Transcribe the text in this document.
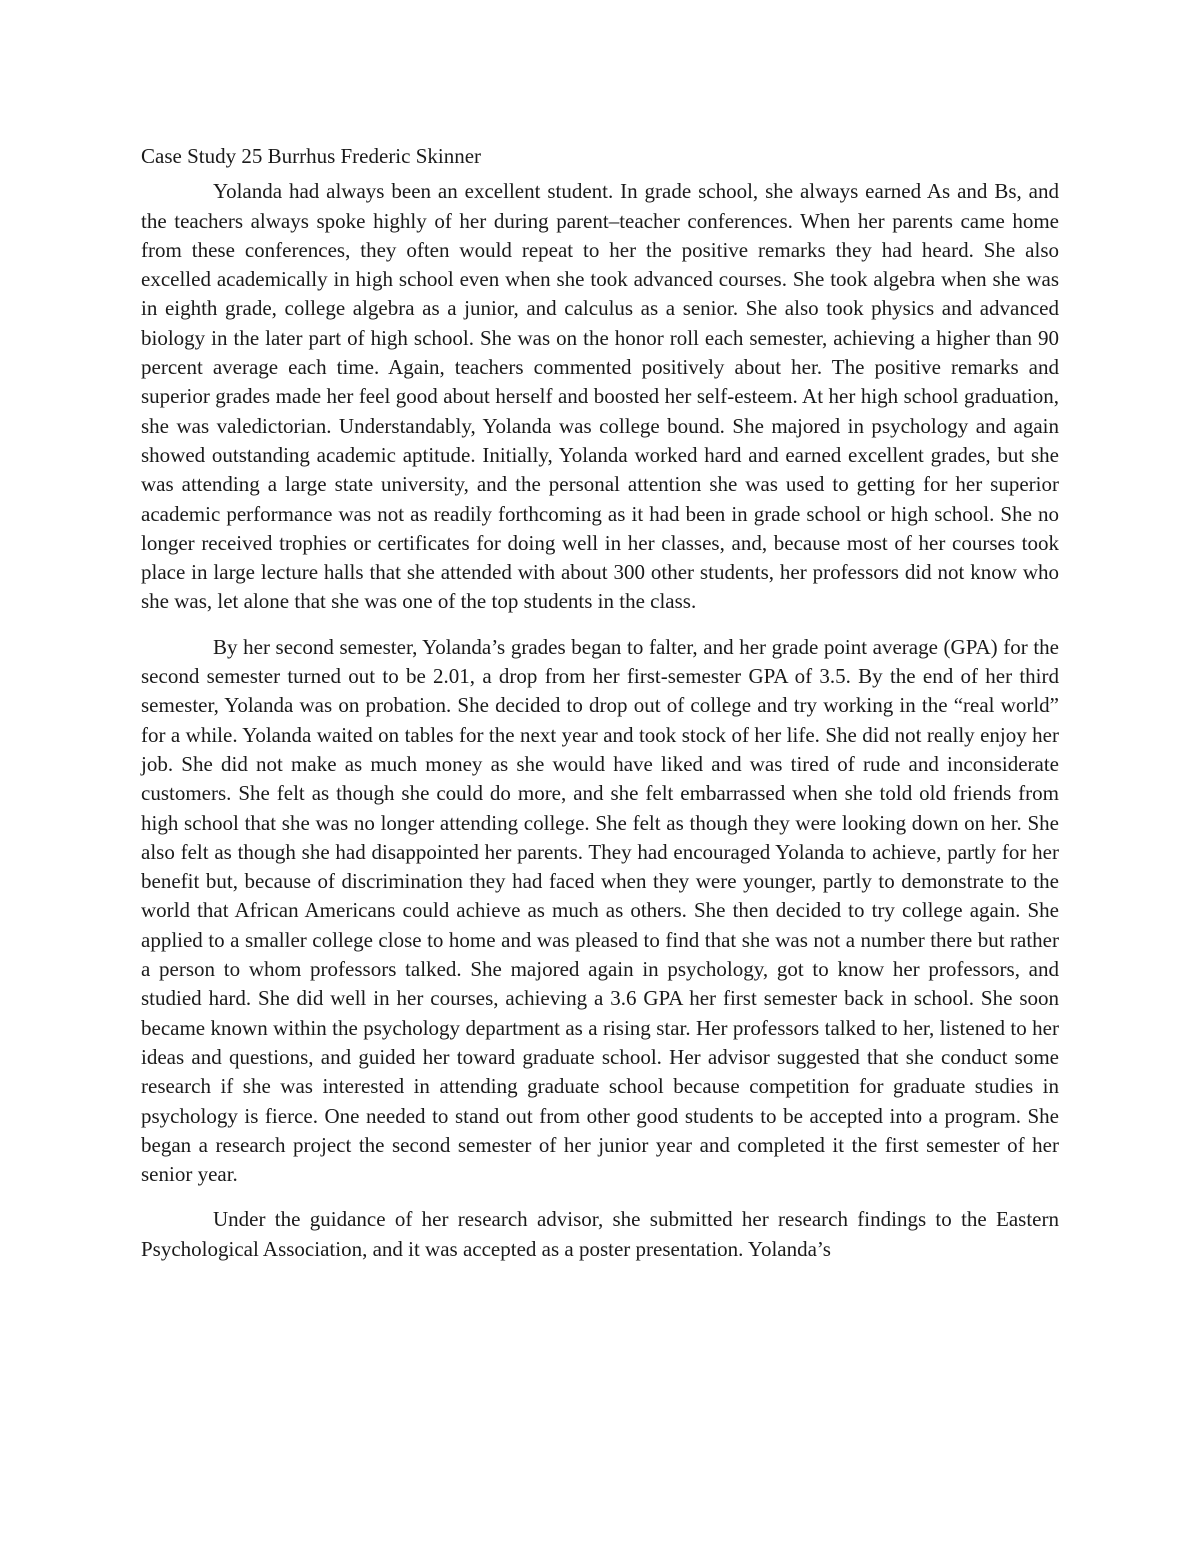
Case Study 25 Burrhus Frederic Skinner

Yolanda had always been an excellent student. In grade school, she always earned As and Bs, and the teachers always spoke highly of her during parent–teacher conferences. When her parents came home from these conferences, they often would repeat to her the positive remarks they had heard. She also excelled academically in high school even when she took advanced courses. She took algebra when she was in eighth grade, college algebra as a junior, and calculus as a senior. She also took physics and advanced biology in the later part of high school. She was on the honor roll each semester, achieving a higher than 90 percent average each time. Again, teachers commented positively about her. The positive remarks and superior grades made her feel good about herself and boosted her self-esteem. At her high school graduation, she was valedictorian. Understandably, Yolanda was college bound. She majored in psychology and again showed outstanding academic aptitude. Initially, Yolanda worked hard and earned excellent grades, but she was attending a large state university, and the personal attention she was used to getting for her superior academic performance was not as readily forthcoming as it had been in grade school or high school. She no longer received trophies or certificates for doing well in her classes, and, because most of her courses took place in large lecture halls that she attended with about 300 other students, her professors did not know who she was, let alone that she was one of the top students in the class.

By her second semester, Yolanda’s grades began to falter, and her grade point average (GPA) for the second semester turned out to be 2.01, a drop from her first-semester GPA of 3.5. By the end of her third semester, Yolanda was on probation. She decided to drop out of college and try working in the “real world” for a while. Yolanda waited on tables for the next year and took stock of her life. She did not really enjoy her job. She did not make as much money as she would have liked and was tired of rude and inconsiderate customers. She felt as though she could do more, and she felt embarrassed when she told old friends from high school that she was no longer attending college. She felt as though they were looking down on her. She also felt as though she had disappointed her parents. They had encouraged Yolanda to achieve, partly for her benefit but, because of discrimination they had faced when they were younger, partly to demonstrate to the world that African Americans could achieve as much as others. She then decided to try college again. She applied to a smaller college close to home and was pleased to find that she was not a number there but rather a person to whom professors talked. She majored again in psychology, got to know her professors, and studied hard. She did well in her courses, achieving a 3.6 GPA her first semester back in school. She soon became known within the psychology department as a rising star. Her professors talked to her, listened to her ideas and questions, and guided her toward graduate school. Her advisor suggested that she conduct some research if she was interested in attending graduate school because competition for graduate studies in psychology is fierce. One needed to stand out from other good students to be accepted into a program. She began a research project the second semester of her junior year and completed it the first semester of her senior year.

Under the guidance of her research advisor, she submitted her research findings to the Eastern Psychological Association, and it was accepted as a poster presentation. Yolanda’s
